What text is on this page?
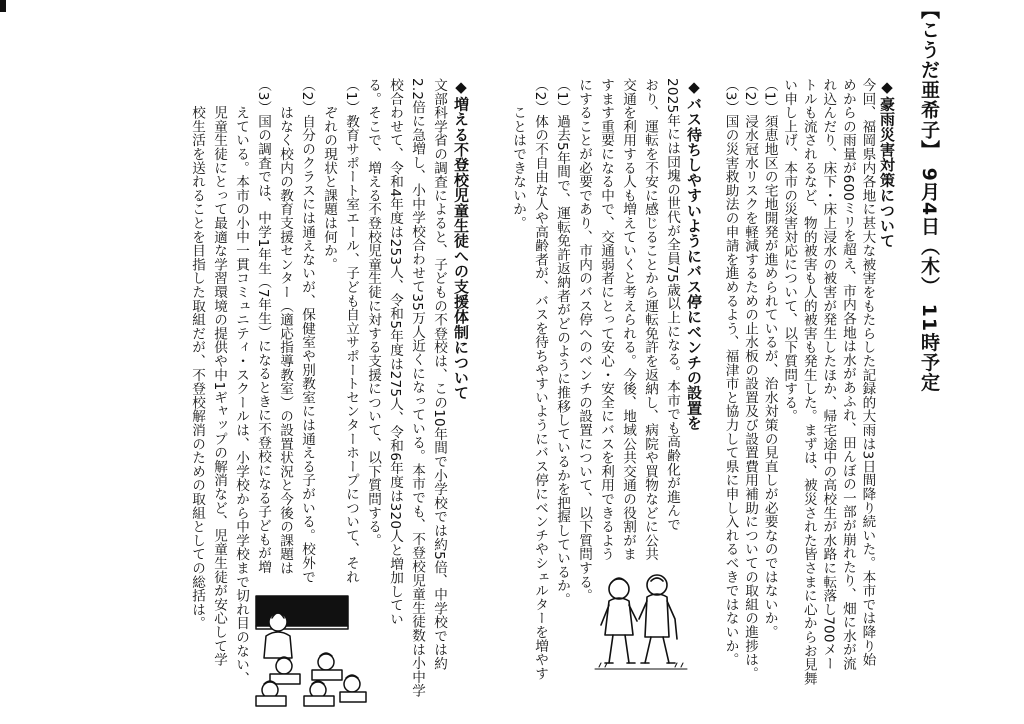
【こうだ亜希子】 9月4日（木） 11時予定
◆豪雨災害対策について
今回、福岡県内各地に甚大な被害をもたらした記録的大雨は3日間降り続いた。本市では降り始
めからの雨量が600ミリを超え、市内各地は水があふれ、田んぼの一部が崩れたり、畑に水が流
れ込んだり、床下・床上浸水の被害が発生したほか、帰宅途中の高校生が水路に転落し700メー
トルも流されるなど、物的被害も人的被害も発生した。まずは、被災された皆さまに心からお見舞
い申し上げ、本市の災害対応について、以下質問する。
（1）須恵地区の宅地開発が進められているが、治水対策の見直しが必要なのではないか。
（2）浸水冠水リスクを軽減するための止水板の設置及び設置費用補助についての取組の進捗は。
（3）国の災害救助法の申請を進めるよう、福津市と協力して県に申し入れるべきではないか。
◆バス待ちしやすいようにバス停にベンチの設置を
2025年には団塊の世代が全員75歳以上になる。本市でも高齢化が進んで
おり、運転を不安に感じることから運転免許を返納し、病院や買物などに公共
交通を利用する人も増えていくと考えられる。今後、地域公共交通の役割がま
すます重要になる中で、交通弱者にとって安心・安全にバスを利用できるよう
にすることが必要であり、市内のバス停へのベンチの設置について、以下質問する。
（1）過去5年間で、運転免許返納者がどのように推移しているかを把握しているか。
（2）体の不自由な人や高齢者が、バスを待ちやすいようにバス停にベンチやシェルターを増やす
　　ことはできないか。
◆増える不登校児童生徒への支援体制について
文部科学省の調査によると、子どもの不登校は、この10年間で小学校では約5倍、中学校では約
2.2倍に急増し、小中学校合わせて35万人近くになっている。本市でも、不登校児童生徒数は小中学
校合わせて、令和4年度は253人、令和5年度は275人、令和6年度は320人と増加してい
る。そこで、増える不登校児童生徒に対する支援について、以下質問する。
（1）教育サポート室エール、子ども自立サポートセンターホープについて、それ
　　ぞれの現状と課題は何か。
（2）自分のクラスには通えないが、保健室や別教室には通える子がいる。校外で
　　はなく校内の教育支援センター（適応指導教室）の設置状況と今後の課題は
（3）国の調査では、中学1年生（7年生）になるときに不登校になる子どもが増
　　えている。本市の小中一貫コミュニティ・スクールは、小学校から中学校まで切れ目のない、
　　児童生徒にとって最適な学習環境の提供や中1ギャップの解消など、児童生徒が安心して学
　　校生活を送れることを目指した取組だが、不登校解消のための取組としての総括は。
